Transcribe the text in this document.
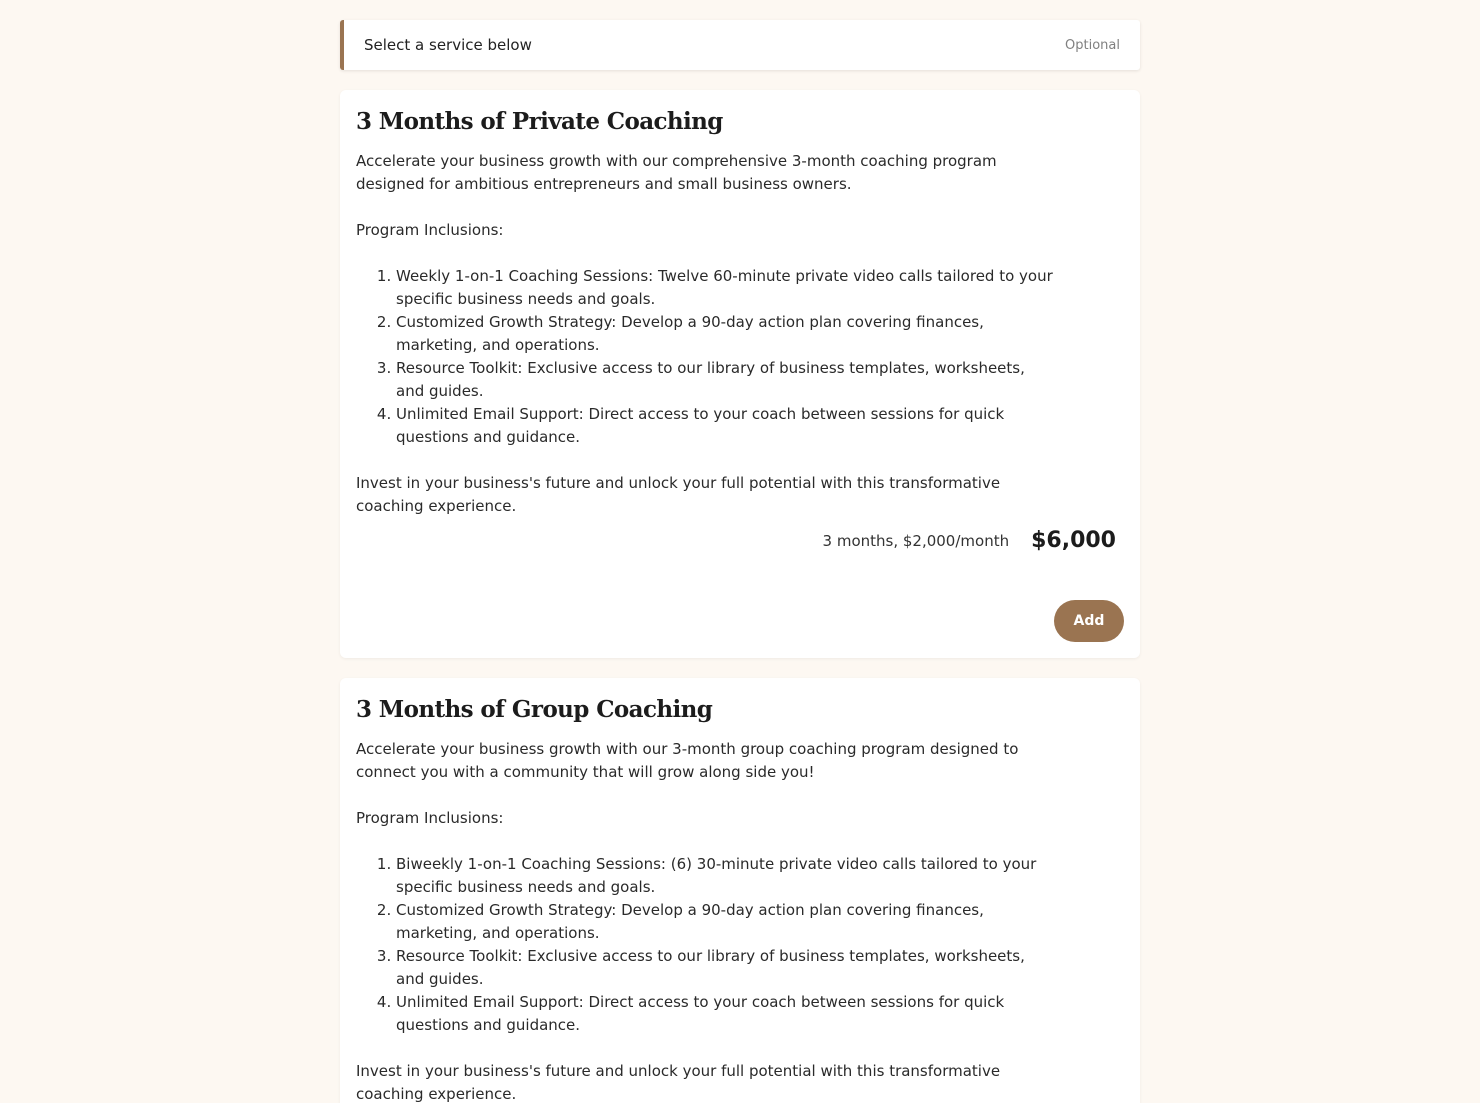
Select a service below	Optional
3 Months of Private Coaching

Accelerate your business growth with our comprehensive 3-month coaching program designed for ambitious entrepreneurs and small business owners.

Program Inclusions:

1. Weekly 1-on-1 Coaching Sessions: Twelve 60-minute private video calls tailored to your specific business needs and goals.
2. Customized Growth Strategy: Develop a 90-day action plan covering finances, marketing, and operations.
3. Resource Toolkit: Exclusive access to our library of business templates, worksheets, and guides.
4. Unlimited Email Support: Direct access to your coach between sessions for quick questions and guidance.

Invest in your business's future and unlock your full potential with this transformative coaching experience.

3 months, $2,000/month $6,000
Add
3 Months of Group Coaching

Accelerate your business growth with our 3-month group coaching program designed to connect you with a community that will grow along side you!

Program Inclusions:

1. Biweekly 1-on-1 Coaching Sessions: (6) 30-minute private video calls tailored to your specific business needs and goals.
2. Customized Growth Strategy: Develop a 90-day action plan covering finances, marketing, and operations.
3. Resource Toolkit: Exclusive access to our library of business templates, worksheets, and guides.
4. Unlimited Email Support: Direct access to your coach between sessions for quick questions and guidance.

Invest in your business's future and unlock your full potential with this transformative coaching experience.
